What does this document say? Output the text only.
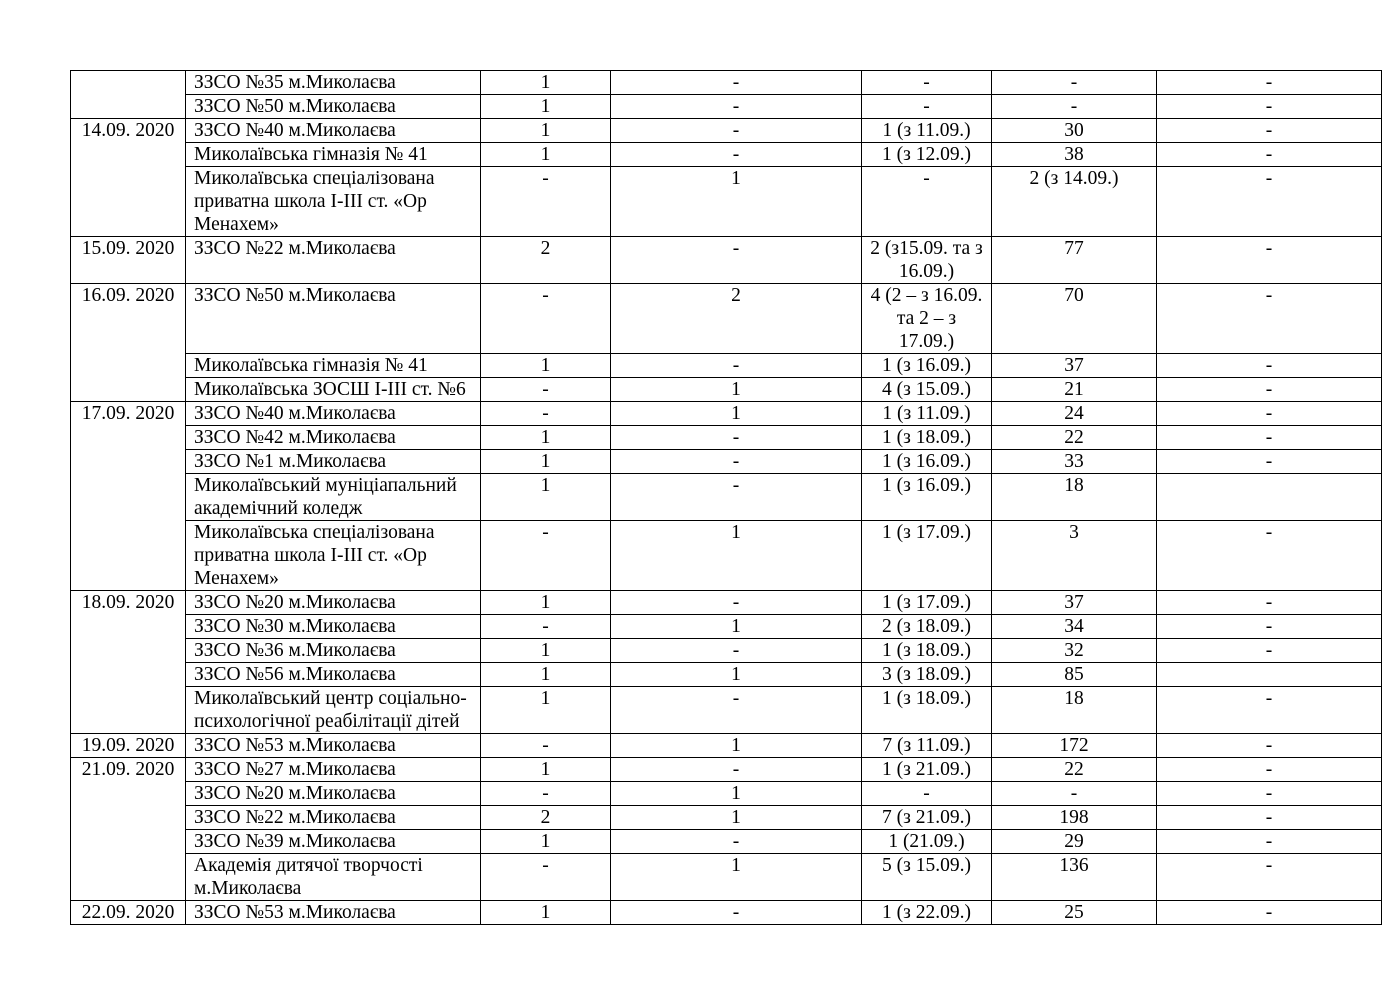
	ЗЗСО №35 м.Миколаєва	1	-	-	-	-
	ЗЗСО №50 м.Миколаєва	1	-	-	-	-
14.09. 2020	ЗЗСО №40 м.Миколаєва	1	-	1 (з 11.09.)	30	-
	Миколаївська гімназія № 41	1	-	1 (з 12.09.)	38	-
	Миколаївська спеціалізована приватна школа І-ІІІ ст. «Ор Менахем»	-	1	-	2 (з 14.09.)	-
15.09. 2020	ЗЗСО №22 м.Миколаєва	2	-	2 (з15.09. та з 16.09.)	77	-
16.09. 2020	ЗЗСО №50 м.Миколаєва	-	2	4 (2 – з 16.09. та 2 – з 17.09.)	70	-
	Миколаївська гімназія № 41	1	-	1 (з 16.09.)	37	-
	Миколаївська ЗОСШ І-ІІІ ст. №6	-	1	4 (з 15.09.)	21	-
17.09. 2020	ЗЗСО №40 м.Миколаєва	-	1	1 (з 11.09.)	24	-
	ЗЗСО №42 м.Миколаєва	1	-	1 (з 18.09.)	22	-
	ЗЗСО №1 м.Миколаєва	1	-	1 (з 16.09.)	33	-
	Миколаївський муніціапальний академічний коледж	1	-	1 (з 16.09.)	18	
	Миколаївська спеціалізована приватна школа І-ІІІ ст. «Ор Менахем»	-	1	1 (з 17.09.)	3	-
18.09. 2020	ЗЗСО №20 м.Миколаєва	1	-	1 (з 17.09.)	37	-
	ЗЗСО №30 м.Миколаєва	-	1	2 (з 18.09.)	34	-
	ЗЗСО №36 м.Миколаєва	1	-	1 (з 18.09.)	32	-
	ЗЗСО №56 м.Миколаєва	1	1	3 (з 18.09.)	85	
	Миколаївський центр соціально-психологічної реабілітації дітей	1	-	1 (з 18.09.)	18	-
19.09. 2020	ЗЗСО №53 м.Миколаєва	-	1	7 (з 11.09.)	172	-
21.09. 2020	ЗЗСО №27 м.Миколаєва	1	-	1 (з 21.09.)	22	-
	ЗЗСО №20 м.Миколаєва	-	1	-	-	-
	ЗЗСО №22 м.Миколаєва	2	1	7 (з 21.09.)	198	-
	ЗЗСО №39 м.Миколаєва	1	-	1 (21.09.)	29	-
	Академія дитячої творчості м.Миколаєва	-	1	5 (з 15.09.)	136	-
22.09. 2020	ЗЗСО №53 м.Миколаєва	1	-	1 (з 22.09.)	25	-
